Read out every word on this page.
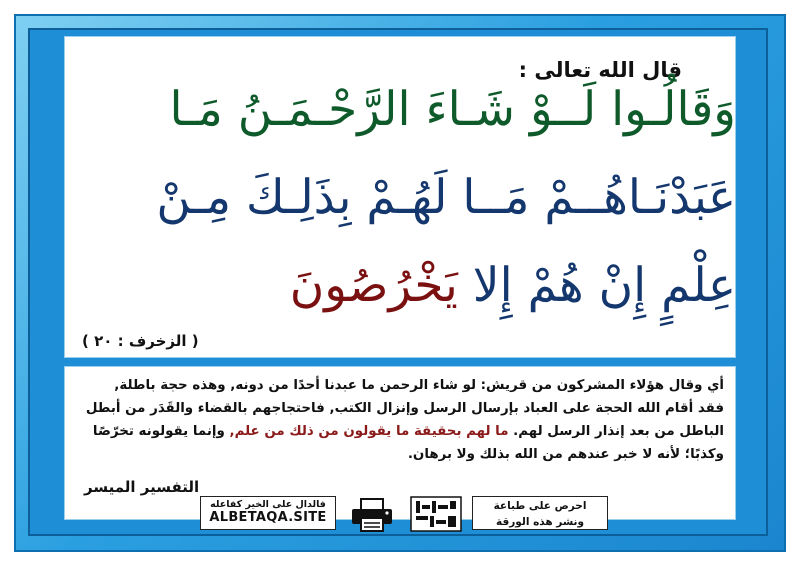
قال الله تعالى :
وَقَالُـوا لَــوْ شَـاءَ الرَّحْـمَـنُ مَـا
عَبَدْنَـاهُــمْ مَــا لَهُـمْ بِذَلِـكَ مِـنْ
عِلْمٍ إِنْ هُمْ إِلا يَخْرُصُونَ
( الزخرف : ٢٠ )
أي وقال هؤلاء المشركون من قريش: لو شاء الرحمن ما عبدنا أحدًا من دونه, وهذه حجة باطلة, فقد أقام الله الحجة على العباد بإرسال الرسل وإنزال الكتب, فاحتجاجهم بالقضاء والقَدَر من أبطل الباطل من بعد إنذار الرسل لهم. ما لهم بحقيقة ما يقولون من ذلك من علم, وإنما يقولونه تخرّصًا وكذبًا؛ لأنه لا خبر عندهم من الله بذلك ولا برهان.
التفسير الميسر
فالدال على الخير كفاعله
ALBETAQA.SITE
احرص على طباعة
ونشر هذه الورقة
